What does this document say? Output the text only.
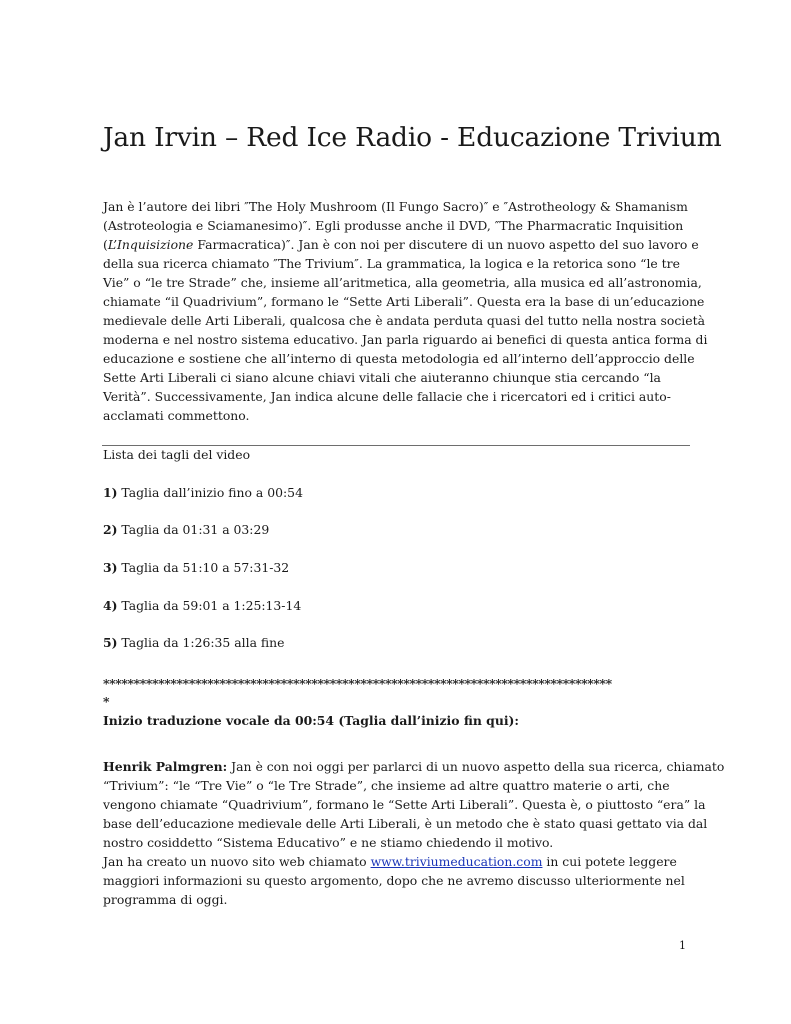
Jan Irvin – Red Ice Radio - Educazione Trivium

Jan è l’autore dei libri ″The Holy Mushroom (Il Fungo Sacro)″ e ″Astrotheology & Shamanism
(Astroteologia e Sciamanesimo)″. Egli produsse anche il DVD, ″The Pharmacratic Inquisition
(L’Inquisizione Farmacratica)″. Jan è con noi per discutere di un nuovo aspetto del suo lavoro e
della sua ricerca chiamato ″The Trivium″. La grammatica, la logica e la retorica sono “le tre
Vie” o “le tre Strade” che, insieme all’aritmetica, alla geometria, alla musica ed all’astronomia,
chiamate “il Quadrivium”, formano le “Sette Arti Liberali”. Questa era la base di un’educazione
medievale delle Arti Liberali, qualcosa che è andata perduta quasi del tutto nella nostra società
moderna e nel nostro sistema educativo. Jan parla riguardo ai benefici di questa antica forma di
educazione e sostiene che all’interno di questa metodologia ed all’interno dell’approccio delle
Sette Arti Liberali ci siano alcune chiavi vitali che aiuteranno chiunque stia cercando “la
Verità”. Successivamente, Jan indica alcune delle fallacie che i ricercatori ed i critici auto-
acclamati commettono.

Lista dei tagli del video
1) Taglia dall’inizio fino a 00:54
2) Taglia da 01:31 a 03:29
3) Taglia da 51:10 a 57:31-32
4) Taglia da 59:01 a 1:25:13-14
5) Taglia da 1:26:35 alla fine
***********************************************************************************
*
Inizio traduzione vocale da 00:54 (Taglia dall’inizio fin qui):
Henrik Palmgren: Jan è con noi oggi per parlarci di un nuovo aspetto della sua ricerca, chiamato
“Trivium”: “le “Tre Vie” o “le Tre Strade”, che insieme ad altre quattro materie o arti, che
vengono chiamate “Quadrivium”, formano le “Sette Arti Liberali”. Questa è, o piuttosto “era” la
base dell’educazione medievale delle Arti Liberali, è un metodo che è stato quasi gettato via dal
nostro cosiddetto “Sistema Educativo” e ne stiamo chiedendo il motivo.
Jan ha creato un nuovo sito web chiamato www.triviumeducation.com in cui potete leggere
maggiori informazioni su questo argomento, dopo che ne avremo discusso ulteriormente nel
programma di oggi.
1
